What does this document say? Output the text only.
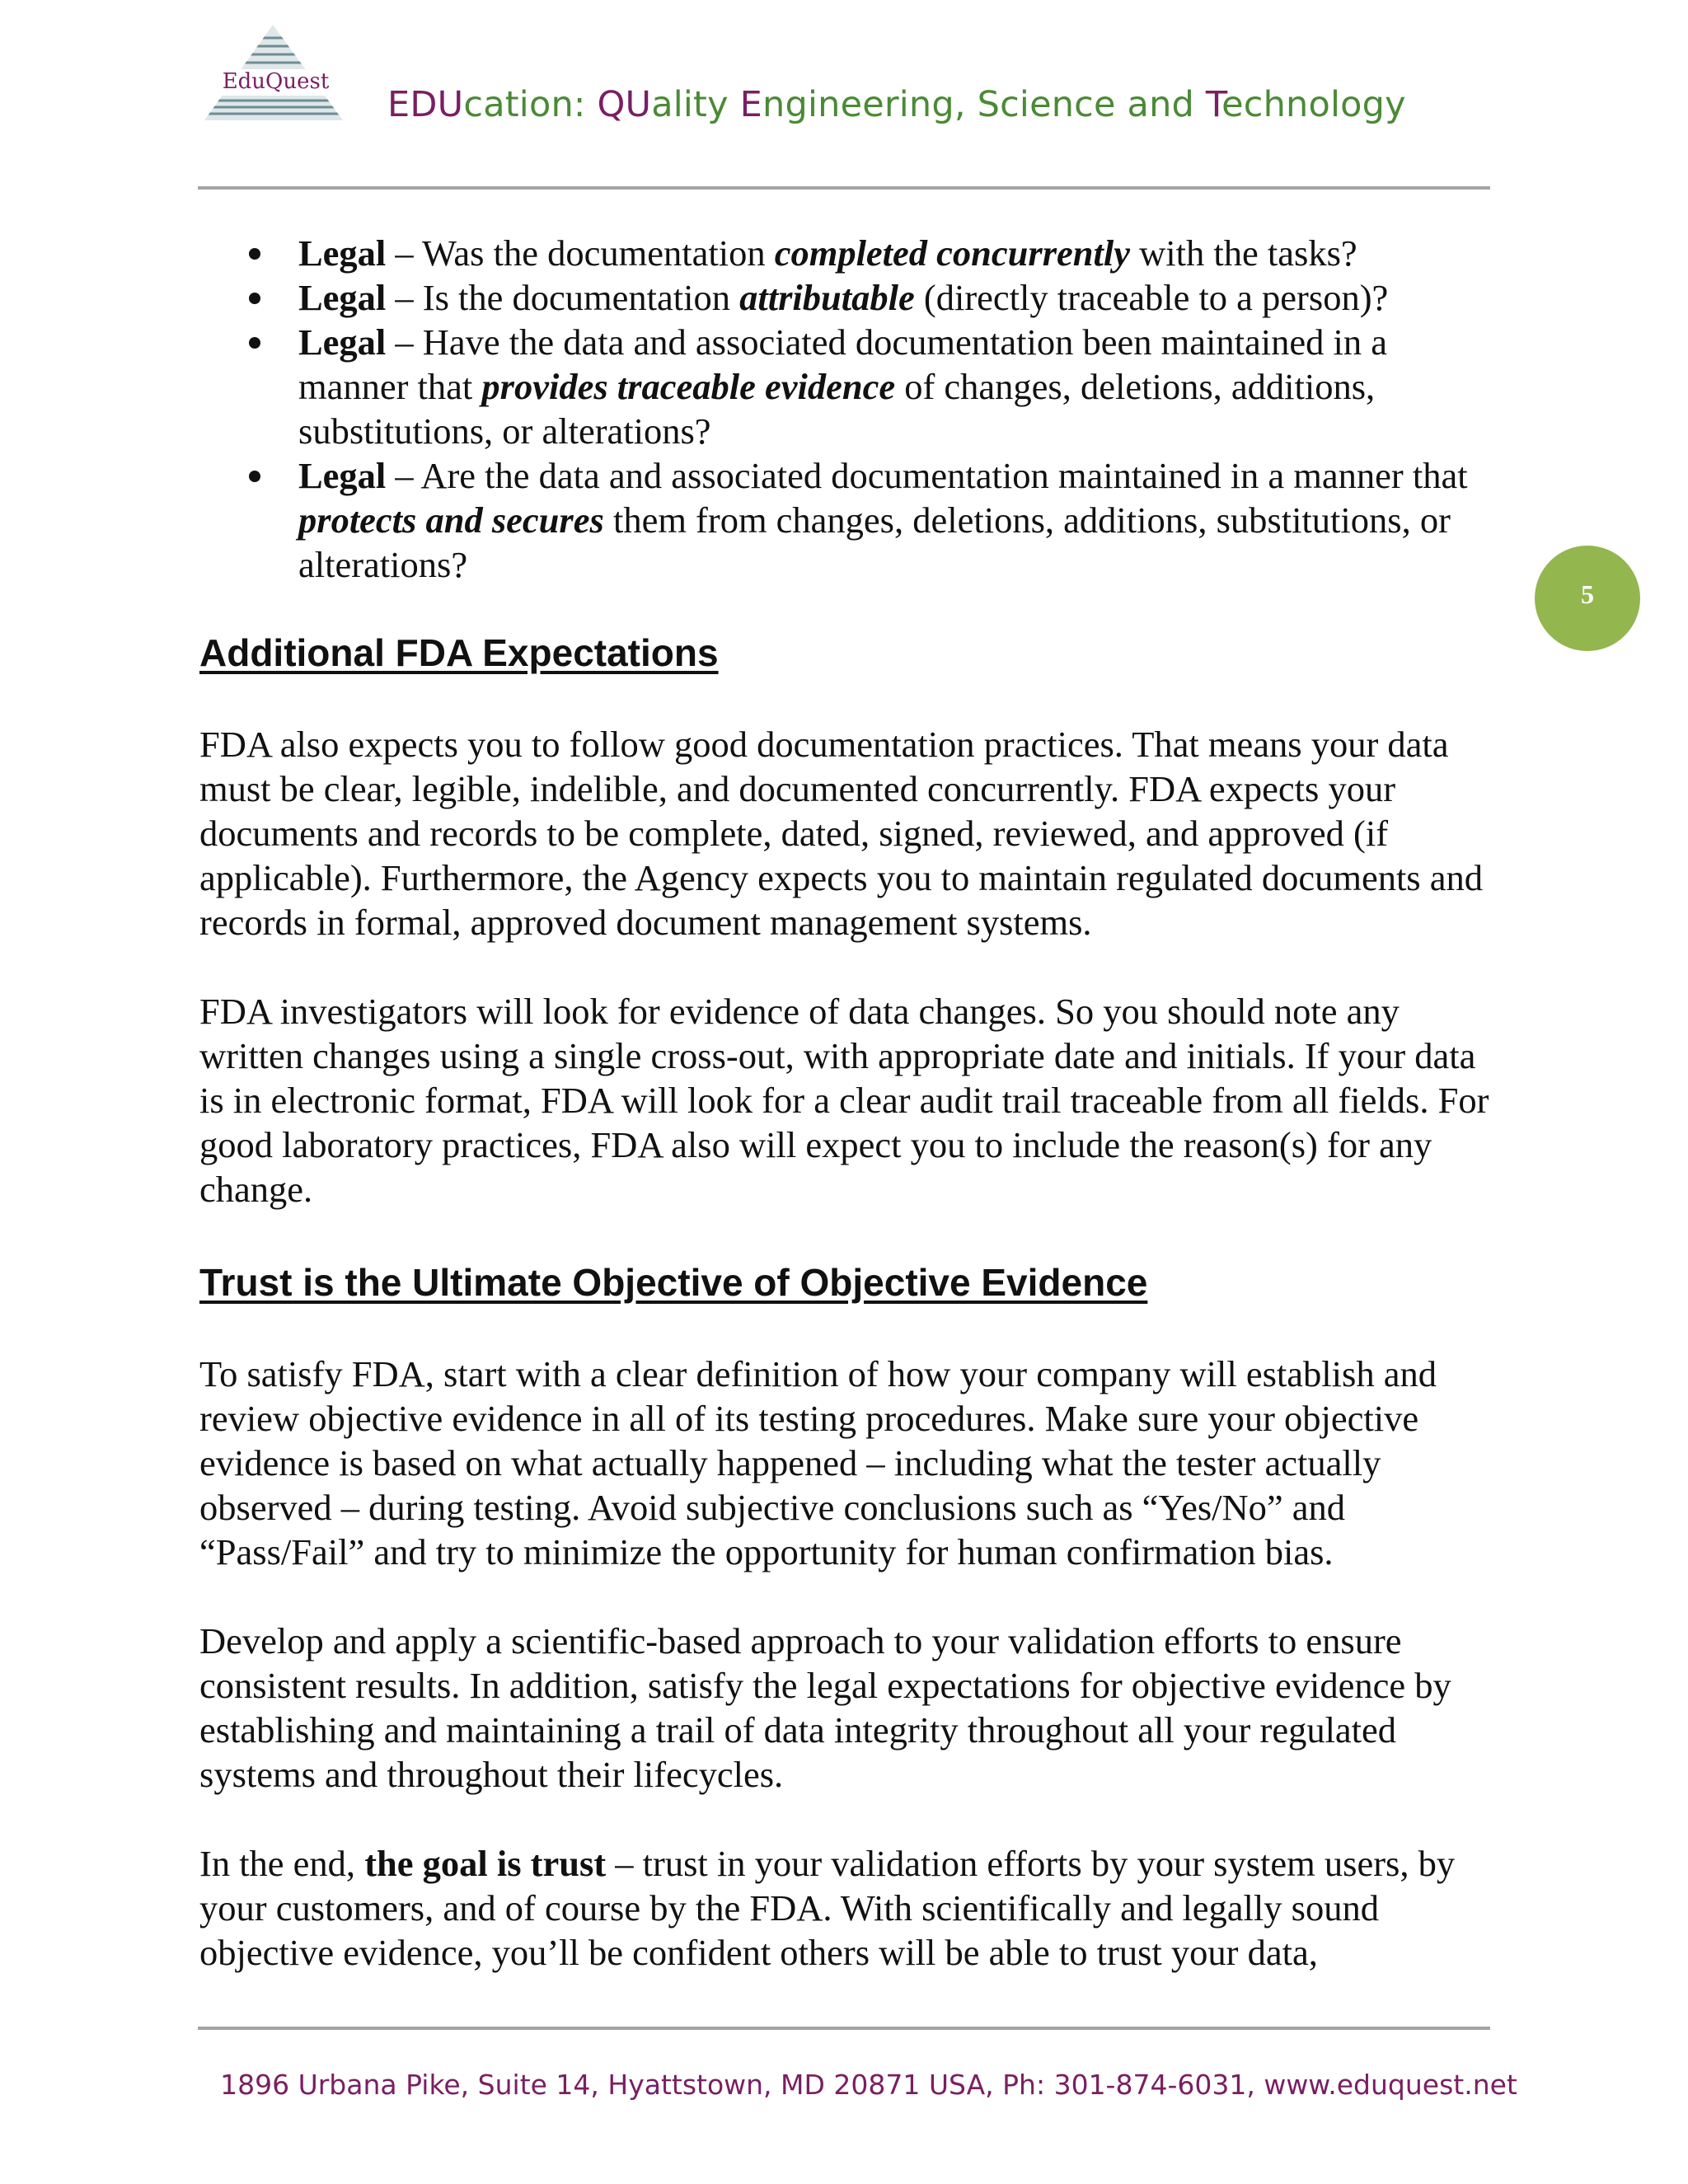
EduQuest
EDUcation: QUality Engineering, Science and Technology
5
Legal – Was the documentation completed concurrently with the tasks?
Legal – Is the documentation attributable (directly traceable to a person)?
Legal – Have the data and associated documentation been maintained in a manner that provides traceable evidence of changes, deletions, additions, substitutions, or alterations?
Legal – Are the data and associated documentation maintained in a manner that protects and secures them from changes, deletions, additions, substitutions, or alterations?
Additional FDA Expectations

FDA also expects you to follow good documentation practices. That means your data must be clear, legible, indelible, and documented concurrently. FDA expects your documents and records to be complete, dated, signed, reviewed, and approved (if applicable). Furthermore, the Agency expects you to maintain regulated documents and records in formal, approved document management systems.

FDA investigators will look for evidence of data changes. So you should note any written changes using a single cross-out, with appropriate date and initials. If your data is in electronic format, FDA will look for a clear audit trail traceable from all fields. For good laboratory practices, FDA also will expect you to include the reason(s) for any change.

Trust is the Ultimate Objective of Objective Evidence

To satisfy FDA, start with a clear definition of how your company will establish and review objective evidence in all of its testing procedures. Make sure your objective evidence is based on what actually happened – including what the tester actually observed – during testing. Avoid subjective conclusions such as “Yes/No” and “Pass/Fail” and try to minimize the opportunity for human confirmation bias.

Develop and apply a scientific-based approach to your validation efforts to ensure consistent results. In addition, satisfy the legal expectations for objective evidence by establishing and maintaining a trail of data integrity throughout all your regulated systems and throughout their lifecycles.

In the end, the goal is trust – trust in your validation efforts by your system users, by your customers, and of course by the FDA. With scientifically and legally sound objective evidence, you’ll be confident others will be able to trust your data,

1896 Urbana Pike, Suite 14, Hyattstown, MD 20871 USA, Ph: 301-874-6031, www.eduquest.net
